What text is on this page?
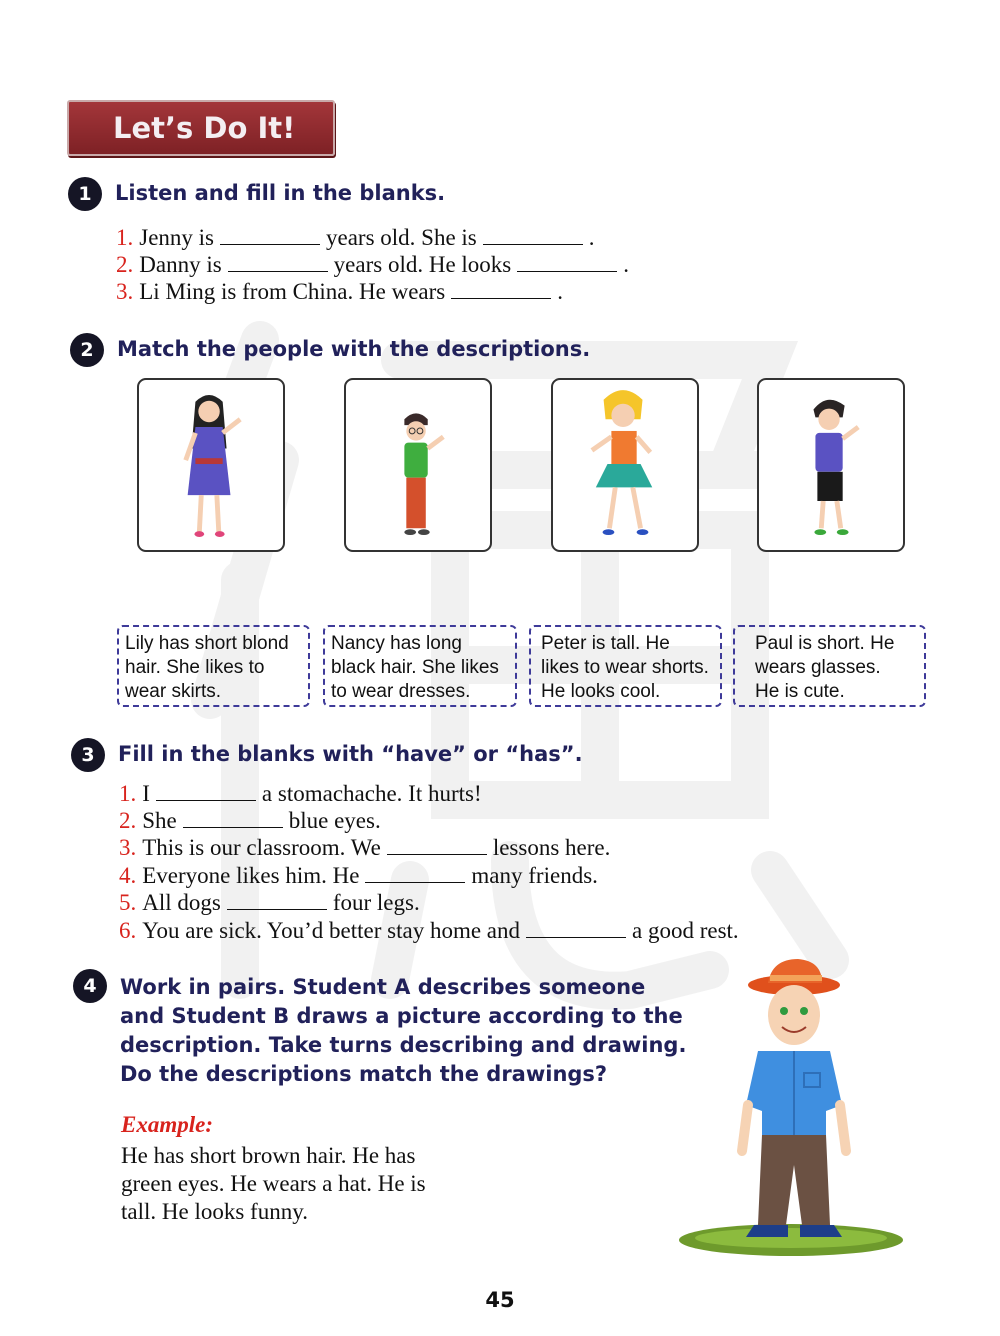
Let’s Do It!
1	Listen and fill in the blanks.
1. Jenny is	years old. She is	.
2. Danny is	years old. He looks	.
3. Li Ming is from China. He wears	.
2	Match the people with the descriptions.
Lily has short blond
hair. She likes to
wear skirts.
Nancy has long
black hair. She likes
to wear dresses.
Peter is tall. He
likes to wear shorts.
He looks cool.
Paul is short. He
wears glasses.
He is cute.
3	Fill in the blanks with “have” or “has”.
1. I	a stomachache. It hurts!
2. She	blue eyes.
3. This is our classroom. We	lessons here.
4. Everyone likes him. He	many friends.
5. All dogs	four legs.
6. You are sick. You’d better stay home and	a good rest.
4	Work in pairs. Student A describes someone
and Student B draws a picture according to the
description. Take turns describing and drawing.
Do the descriptions match the drawings?
Example:
He has short brown hair. He has
green eyes. He wears a hat. He is
tall. He looks funny.
45
